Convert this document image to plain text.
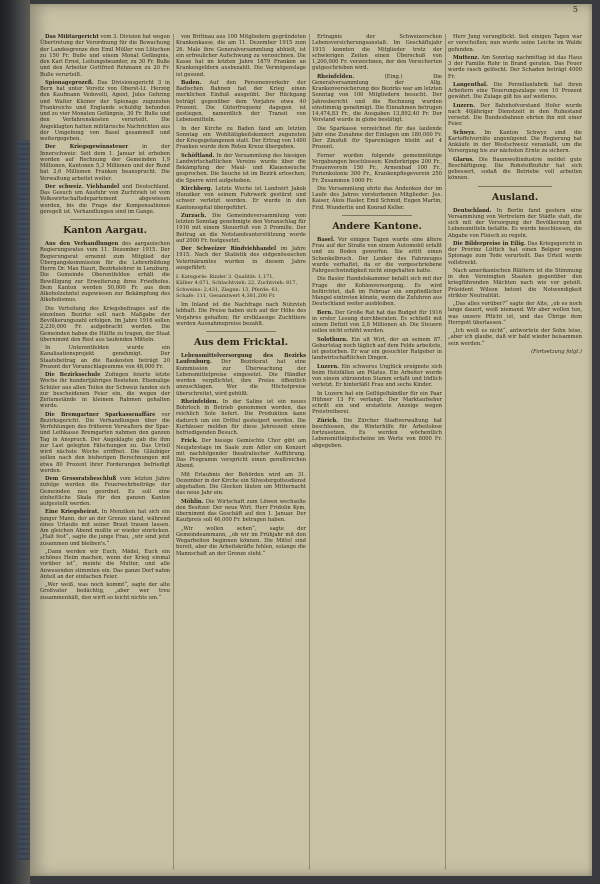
5
Das Militärgericht vom 3. Division hat wegen Übertretung der Verordnung für die Bewachung der Landesgrenze den Emil Müller von Lötschen zu 150 Fr. Buße und einem Monat Gefängnis, den Karl Ernst, Leitungsbeamter, zu 30 Fr. Buße und den Arbeiter Gottfried Rehmann zu 20 Fr. Buße verurteilt.
Spionageprozeß. Das Divisionsgericht 3 in Bern hat unter Vorsitz von Oberst-Lt. Herzog den Kaufmann Vedovelli, Agent, Jules Gehring und Walter Kleiner der Spionage zugunsten Frankreichs und Englands schuldig befunden und zu vier Monaten Gefängnis, 30 Fr. Buße und den Verfahrenskosten verurteilt. Die Angeklagten hatten militärische Nachrichten aus der Umgebung von Basel gesammelt und weitergegeben.
Der Kriegsgewinnsteuer	in der Innerschweiz: Seit dem 1. Januar ist erhoben worden auf Rechnung der Gemeinden 1,9 Millionen, Kantonen 5,3 Millionen und der Bund hat 2,6 Millionen Franken beansprucht. Die Verwaltung arbeitet weiter.
Der schweiz. Viehhandel und Deutschland. Das Gesuch um Ausfuhr von Zuchtvieh ist vom Volkswirtschaftsdepartement abgewiesen worden, bis die Frage der Kompensationen geregelt ist. Verhandlungen sind im Gange.
Kanton Aargau.
Aus den Verhandlungen des aargauischen Regierungsrates vom 11. Dezember 1915. Der Regierungsrat ernennt zum Mitglied der Übergangskommission für die Lehrerbildung Herrn Dr. Max Hauri, Bezirkslehrer in Lenzburg. Die Gemeinde Oberentfelden erhält die Bewilligung zur Erweiterung ihres Friedhofes. Dem Kanton werden 50,000 Fr. aus dem Alkoholzehntel zugewiesen zur Bekämpfung des Alkoholismus.
Die Verteilung des Kriegsbeitrages auf die einzelnen Bezirke soll nach Maßgabe der Bevölkerungszahl erfolgen. Im Jahre 1916 sollen 2,230,000 Fr. aufgebracht werden. Die Gemeinden haben die Hälfte zu tragen, der Staat übernimmt den Rest aus laufenden Mitteln.
In Unterentfelden wurde ein Kanalisationsprojekt genehmigt. Der Staatsbeitrag an die Baukosten beträgt 20 Prozent der Voranschlagsumme von 48,000 Fr.
Die Bezirksschule Zofingen feierte letzte Woche ihr hundertjähriges Bestehen. Ehemalige Schüler aus allen Teilen der Schweiz fanden sich zur bescheidenen Feier ein, die wegen der Zeitumstände in kleinem Rahmen gehalten wurde.
Die Bremgartner Sparkassenaffäre vor Bezirksgericht. Die Verhandlungen über die Verfehlungen des früheren Verwalters der Spar- und Leihkasse Bremgarten nahmen den ganzen Tag in Anspruch. Der Angeklagte gab die ihm zur Last gelegten Fälschungen zu. Das Urteil wird nächste Woche eröffnet. Die Gläubiger sollen nach den bisherigen Berechnungen mit etwa 80 Prozent ihrer Forderungen befriedigt werden.
Dem Grossratsbeschluß vom letzten Jahre zufolge werden die Feuerwehrbeiträge der Gemeinden neu geordnet. Es soll eine einheitliche Skala für den ganzen Kanton aufgestellt werden.
Eine Kriegsheirat. In Menziken hat sich ein junger Mann, der an der Grenze stand, während eines Urlaubs mit seiner Braut trauen lassen. Am gleichen Abend mußte er wieder einrücken. „Halt fest“, sagte die junge Frau, „wir sind jetzt zusammen und bleiben's.“
„Dann werden wir Euch, Mädel, Euch ein schönes Heim machen, wenn der Krieg einmal vorüber ist“, meinte die Mutter, und alle Anwesenden stimmten ein. Das ganze Dorf nahm Anteil an der einfachen Feier.
„Wer weiß, was noch kommt“, sagte der alte Großvater bedächtig, „aber wer treu zusammenhält, den wirft so leicht nichts um.“
von Brittnau aus 100 Mitgliedern gegründeten Krankenkasse, die am 11. Dezember 1915 zum 26. Male ihre Generalversammlung abhielt, ist ein erfreulicher Aufschwung zu verzeichnen. Die Kasse hat im letzten Jahre 1879 Franken an Krankengeldern ausbezahlt. Die Vermögenslage ist gesund.
Baden. Auf den Personenverkehr der Badischen Bahnen hat der Krieg einen merklichen Einfluß ausgeübt. Der Rückgang beträgt gegenüber dem Vorjahre etwa 40 Prozent. Die Güterfrequenz dagegen ist gestiegen, namentlich der Transit von Lebensmitteln.
In der Kirche zu Baden fand am letzten Sonntag ein Wohltätigkeitskonzert zugunsten der Kriegsgefangenen statt. Der Ertrag von 1400 Franken wurde dem Roten Kreuz übergeben.
Schöftland. In der Versammlung des hiesigen Landwirtschaftlichen Vereins wurde über die Bekämpfung der Maul- und Klauenseuche gesprochen. Die Seuche ist im Bezirk erloschen; die Sperre wird aufgehoben.
Kirchberg. Letzte Woche ist Landwirt Jakob Hunziker von seinem Fuhrwerk gestürzt und schwer verletzt worden. Er wurde in den Kantonsspital übergeführt.
Zurzach. Die Gemeindeversammlung vom letzten Sonntag genehmigte den Voranschlag für 1916 mit einem Steuerfuß von 3 Promille. Der Beitrag an die Notstandsunterstützung wurde auf 2000 Fr. festgesetzt.
Der Schweizer Rindviehhandel im Jahre 1915. Nach der Statistik des eidgenössischen Veterinäramtes wurden in diesem Jahre ausgeführt:
I. Kategorie: Rinder 3. Qualität: 1,171,
Kälber 4,071, Schlachtvieh: 22, Zuchtvieh: 817,
Schweine: 2,431, Ziegen: 13, Pferde: 61,
Schafe: 111, Gesamtwert 4,381,200 Fr.
Im Inland ist die Nachfrage nach Nutzvieh lebhaft. Die Preise haben sich auf der Höhe des Vorjahres gehalten; für erstklassige Zuchttiere werden Ausnahmepreise bezahlt.
Aus dem Fricktal.
Lebensmittelversorgung des Bezirks Laufenburg. Der Bezirksrat hat eine Kommission zur Überwachung der Lebensmittelpreise eingesetzt. Die Händler werden verpflichtet, ihre Preise öffentlich anzuschlagen. Wer die Höchstpreise überschreitet, wird gebüßt.
Rheinfelden. In der Saline ist ein neues Bohrloch in Betrieb genommen worden, das reichlich Sole liefert. Die Produktion kann dadurch um ein Drittel gesteigert werden. Die Kurhäuser melden für diese Jahreszeit einen befriedigenden Besuch.
Frick. Der hiesige Gemischte Chor gibt am Neujahrstage im Saale zum Adler ein Konzert mit nachfolgender theatralischer Aufführung. Das Programm verspricht einen genußreichen Abend.
Mit Erlaubnis der Behörden wird am 31. Dezember in der Kirche ein Silvestergottesdienst abgehalten. Die Glocken läuten um Mitternacht das neue Jahr ein.
Möhlin. Die Wirtschaft zum Löwen wechselte den Besitzer. Der neue Wirt, Herr Fridolin Kym, übernimmt das Geschäft auf den 1. Januar. Der Kaufpreis soll 46,000 Fr. betragen haben.
„Wir wollen sehen“, sagte der Gemeindeammann, „ob wir im Frühjahr mit den Wegarbeiten beginnen können. Die Mittel sind bereit, aber die Arbeitskräfte fehlen, solange die Mannschaft an der Grenze steht.“
Ertragnis der Schweizerschen Lebensversicherungsanstalt. Im Geschäftsjahr 1915 konnten die Mitglieder trotz der schwierigen Zeiten einen Überschuß von 1,200,000 Fr. verzeichnen, der den Versicherten gutgeschrieben wird.
Rheinfelden.	(Eing.) Die Generalversammlung der Allg. Krankenversicherung des Bezirks war am letzten Sonntag von 100 Mitgliedern besucht. Der Jahresbericht und die Rechnung wurden einstimmig genehmigt. Die Einnahmen betrugen 14,474,83 Fr., die Ausgaben 13,892,40 Fr. Der Vorstand wurde in globo bestätigt.
Die Sparkasse verzeichnet für das laufende Jahr eine Zunahme der Einlagen um 180,000 Fr. Der Zinsfuß für Spareinlagen bleibt auf 4 Prozent.
Ferner wurden folgende gemeinnützige Vergabungen beschlossen: Kinderkrippe 200 Fr., Frauenverein 150 Fr., Armenbad 100 Fr., Ferienkolonie 300 Fr., Krankenpflegeverein 250 Fr. Zusammen 1000 Fr.
Die Versammlung ehrte das Andenken der im Laufe des Jahres verstorbenen Mitglieder: Jos. Kaiser, Alois Hasler, Emil Schmid, Eugen Martin, Frid. Wunderlin und Konrad Keller.
Andere Kantone.
Basel. Vor einigen Tagen wurde eine ältere Frau auf der Straße von einem Automobil erfaßt und zu Boden geworfen. Sie erlitt einen Schenkelbruch. Der Lenker des Fahrzeuges wurde verhaftet, da er die vorgeschriebene Fahrgeschwindigkeit nicht eingehalten hatte.
Die Basler Handelskammer befaßt sich mit der Frage der Kohlenversorgung. Es wird befürchtet, daß im Februar ein empfindlicher Mangel eintreten könnte, wenn die Zufuhren aus Deutschland weiter ausbleiben.
Bern. Der Große Rat hat das Budget für 1916 in erster Lesung durchberaten. Es schließt mit einem Defizit von 2,8 Millionen ab. Die Steuern sollen nicht erhöht werden.
Solothurn. Ein alt Wirt, der an seinem 87. Geburtstag noch täglich auf dem Felde arbeitete, ist gestorben. Er war ein gesuchter Ratgeber in landwirtschaftlichen Dingen.
Luzern. Ein schweres Unglück ereignete sich beim Holzfällen am Pilatus. Ein Arbeiter wurde von einem stürzenden Stamm erfaßt und tödlich verletzt. Er hinterläßt Frau und sechs Kinder.
In Luzern hat ein Geflügelhändler für ein Paar Hühner 13 Fr. verlangt. Der Marktaufseher schritt ein und erstattete Anzeige wegen Preistreiberei.
Zürich. Die Zürcher Stadtverwaltung hat beschlossen, die Winterhilfe für Arbeitslose fortzusetzen. Es werden wöchentlich Lebensmittelgutscheine im Werte von 8000 Fr. abgegeben.
Herr Jung verunglückt. Seit einigen Tagen war er verschollen; nun wurde seine Leiche im Walde gefunden.
Muttenz. Am Sonntag nachmittag ist das Haus 3 der Familie Rohr in Brand geraten. Das Feuer wurde rasch gelöscht. Der Schaden beträgt 4000 Fr.
Langenthal. Die Porzellanfabrik hat ihren Arbeitern eine Teuerungszulage von 10 Prozent gewährt. Die Zulage gilt bis auf weiteres.
Luzern. Der Bahnhofvorstand Hofer wurde nach 40jähriger Dienstzeit in den Ruhestand versetzt. Die Bundesbahnen ehrten ihn mit einer Feier.
Schwyz. Im Kanton Schwyz sind die Kartoffelvorräte ungenügend. Die Regierung hat Ankäufe in der Westschweiz veranlaßt, um die Versorgung bis zur nächsten Ernte zu sichern.
Glarus. Die Baumwollindustrie meldet gute Beschäftigung. Die Rohstoffzufuhr hat sich gebessert, sodaß die Betriebe voll arbeiten können.
Ausland.
Deutschland. In Berlin fand gestern eine Versammlung von Vertretern der Städte statt, die sich mit der Versorgung der Bevölkerung mit Lebensmitteln befaßte. Es wurde beschlossen, die Abgabe von Fleisch zu regeln.
Die Bilderpreise in Eilig. Das Kriegsgericht in der Provinz Lüttich hat einen Belgier wegen Spionage zum Tode verurteilt. Das Urteil wurde vollstreckt.
Nach amerikanischen Blättern ist die Stimmung in den Vereinigten Staaten gegenüber den kriegführenden Mächten nach wie vor geteilt. Präsident Wilson betont die Notwendigkeit strikter Neutralität.
„Das alles vorüber?“ sagte der Alte, „ob es noch lange dauert, weiß niemand. Wir aber wollen tun, was unsere Pflicht ist, und das Übrige dem Herrgott überlassen.“
„Ich weiß es nicht“, antwortete der Sohn leise, „aber ich glaube, daß wir bald wieder beisammen sein werden.“
(Fortsetzung folgt.)
